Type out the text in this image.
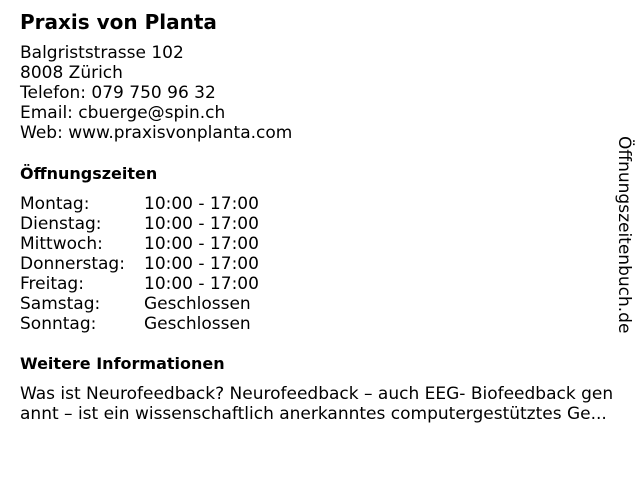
Praxis von Planta
Balgriststrasse 102
8008 Zürich
Telefon: 079 750 96 32
Email: cbuerge@spin.ch
Web: www.praxisvonplanta.com
Öffnungszeiten
Montag:	10:00 - 17:00
Dienstag:	10:00 - 17:00
Mittwoch:	10:00 - 17:00
Donnerstag:	10:00 - 17:00
Freitag:	10:00 - 17:00
Samstag:	Geschlossen
Sonntag:	Geschlossen
Weitere Informationen
Was ist Neurofeedback? Neurofeedback – auch EEG- Biofeedback gen
annt – ist ein wissenschaftlich anerkanntes computergestütztes Ge...
Öffnungszeitenbuch.de
